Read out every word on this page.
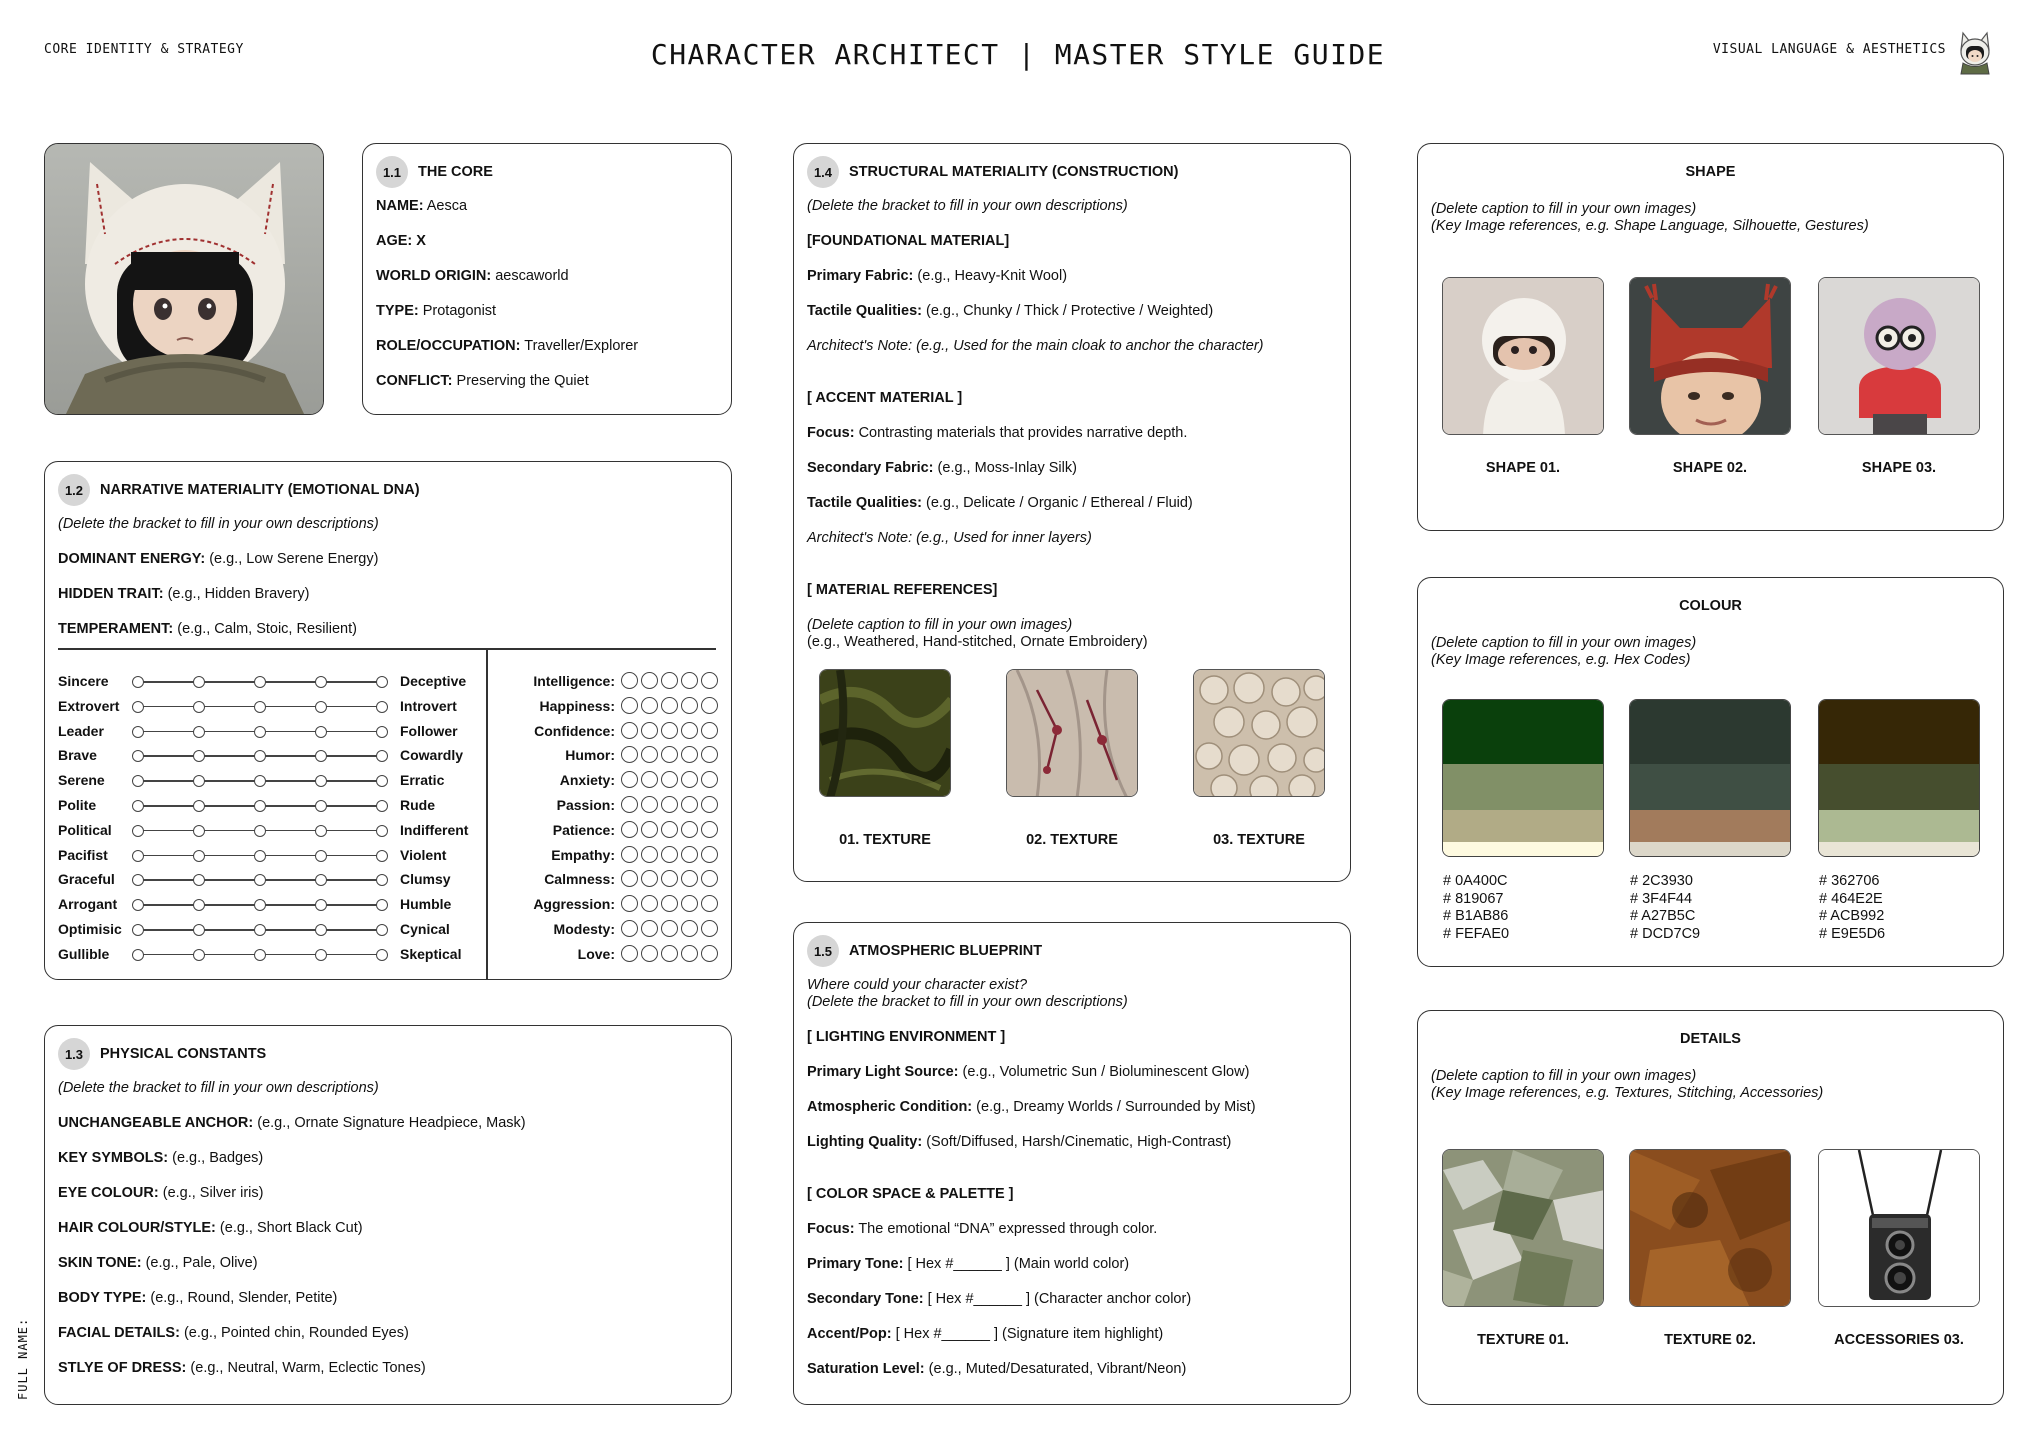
CORE IDENTITY & STRATEGY	CHARACTER ARCHITECT | MASTER STYLE GUIDE	VISUAL LANGUAGE & AESTHETICS
FULL NAME:
1.1	THE CORE
NAME: Aesca
AGE: X
WORLD ORIGIN: aescaworld
TYPE: Protagonist
ROLE/OCCUPATION: Traveller/Explorer
CONFLICT: Preserving the Quiet
1.2	NARRATIVE MATERIALITY (EMOTIONAL DNA)
(Delete the bracket to fill in your own descriptions)
DOMINANT ENERGY: (e.g., Low Serene Energy)
HIDDEN TRAIT: (e.g., Hidden Bravery)
TEMPERAMENT: (e.g., Calm, Stoic, Resilient)
Sincere	Deceptive
Extrovert	Introvert
Leader	Follower
Brave	Cowardly
Serene	Erratic
Polite	Rude
Political	Indifferent
Pacifist	Violent
Graceful	Clumsy
Arrogant	Humble
Optimisic	Cynical
Gullible	Skeptical
Intelligence:
Happiness:
Confidence:
Humor:
Anxiety:
Passion:
Patience:
Empathy:
Calmness:
Aggression:
Modesty:
Love:
1.3	PHYSICAL CONSTANTS
(Delete the bracket to fill in your own descriptions)
UNCHANGEABLE ANCHOR: (e.g., Ornate Signature Headpiece, Mask)
KEY SYMBOLS: (e.g., Badges)
EYE COLOUR: (e.g., Silver iris)
HAIR COLOUR/STYLE: (e.g., Short Black Cut)
SKIN TONE: (e.g., Pale, Olive)
BODY TYPE: (e.g., Round, Slender, Petite)
FACIAL DETAILS: (e.g., Pointed chin, Rounded Eyes)
STLYE OF DRESS: (e.g., Neutral, Warm, Eclectic Tones)
1.4	STRUCTURAL MATERIALITY (CONSTRUCTION)
(Delete the bracket to fill in your own descriptions)
[FOUNDATIONAL MATERIAL]
Primary Fabric: (e.g., Heavy-Knit Wool)
Tactile Qualities: (e.g., Chunky / Thick / Protective / Weighted)
Architect's Note: (e.g., Used for the main cloak to anchor the character)
[ ACCENT MATERIAL ]
Focus: Contrasting materials that provides narrative depth.
Secondary Fabric: (e.g., Moss-Inlay Silk)
Tactile Qualities: (e.g., Delicate / Organic / Ethereal / Fluid)
Architect's Note: (e.g., Used for inner layers)
[ MATERIAL REFERENCES]
(Delete caption to fill in your own images)
(e.g., Weathered, Hand-stitched, Ornate Embroidery)
01. TEXTURE	02. TEXTURE	03. TEXTURE
1.5	ATMOSPHERIC BLUEPRINT
Where could your character exist?
(Delete the bracket to fill in your own descriptions)
[ LIGHTING ENVIRONMENT ]
Primary Light Source: (e.g., Volumetric Sun / Bioluminescent Glow)
Atmospheric Condition: (e.g., Dreamy Worlds / Surrounded by Mist)
Lighting Quality: (Soft/Diffused, Harsh/Cinematic, High-Contrast)
[ COLOR SPACE & PALETTE ]
Focus: The emotional “DNA” expressed through color.
Primary Tone: [ Hex #______ ] (Main world color)
Secondary Tone: [ Hex #______ ] (Character anchor color)
Accent/Pop: [ Hex #______ ] (Signature item highlight)
Saturation Level: (e.g., Muted/Desaturated, Vibrant/Neon)
SHAPE
(Delete caption to fill in your own images)
(Key Image references, e.g. Shape Language, Silhouette, Gestures)
SHAPE 01.	SHAPE 02.	SHAPE 03.
COLOUR
(Delete caption to fill in your own images)
(Key Image references, e.g. Hex Codes)
# 0A400C
# 819067
# B1AB86
# FEFAE0
# 2C3930
# 3F4F44
# A27B5C
# DCD7C9
# 362706
# 464E2E
# ACB992
# E9E5D6
DETAILS
(Delete caption to fill in your own images)
(Key Image references, e.g. Textures, Stitching, Accessories)
TEXTURE 01.	TEXTURE 02.	ACCESSORIES 03.
